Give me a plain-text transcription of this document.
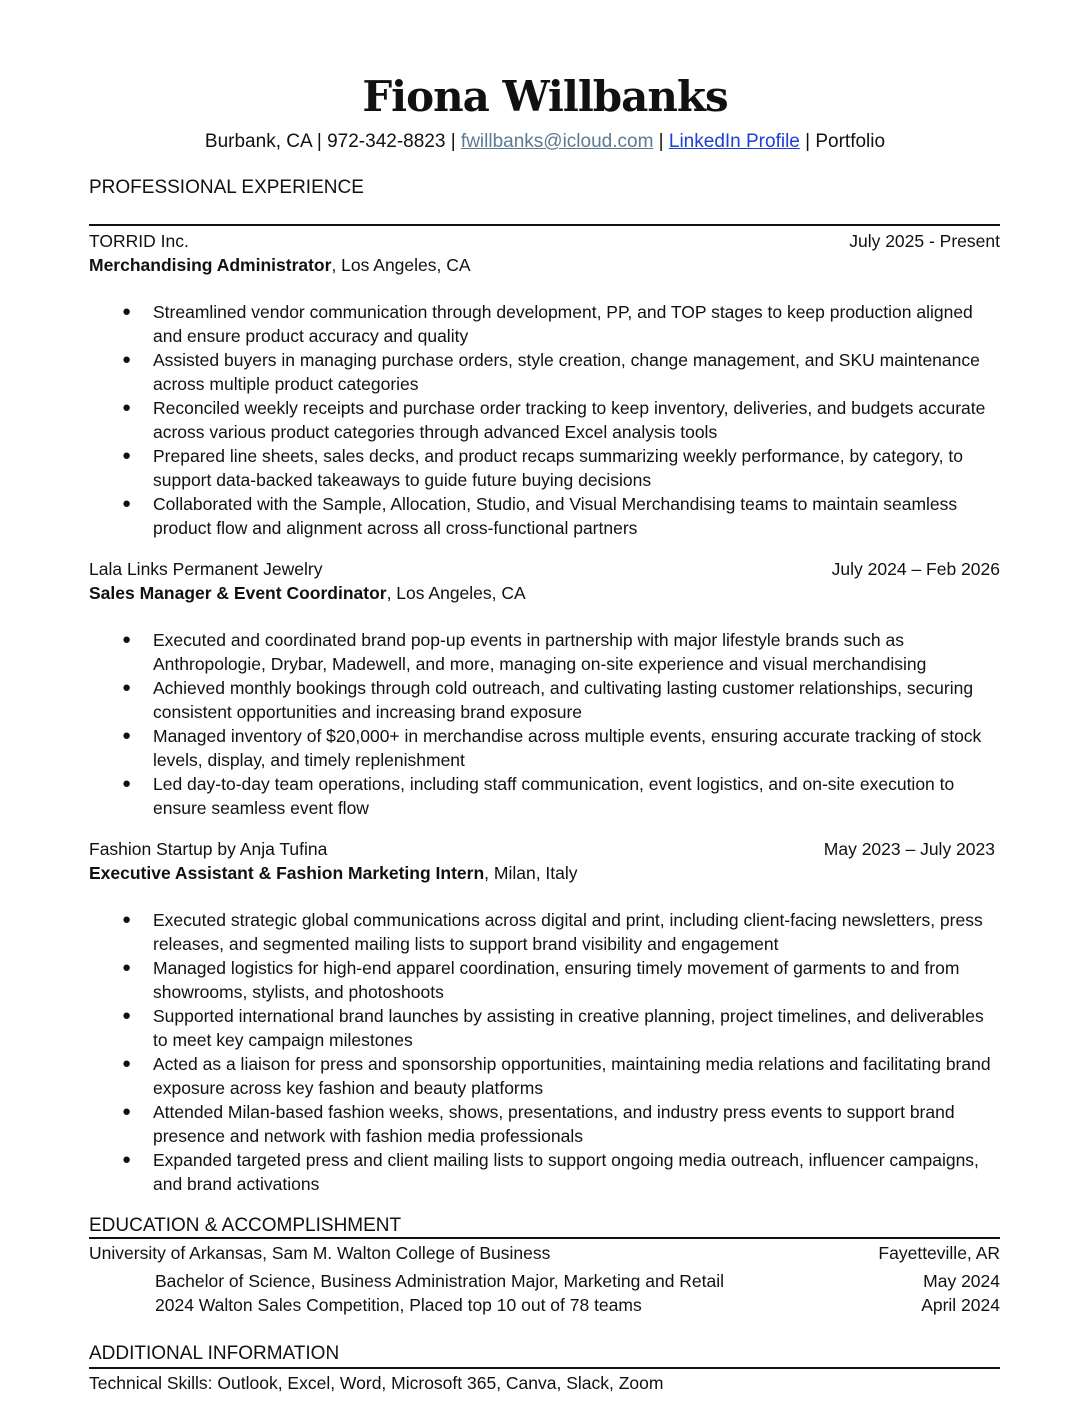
Fiona Willbanks
Burbank, CA | 972-342-8823 | fwillbanks@icloud.com | LinkedIn Profile | Portfolio
PROFESSIONAL EXPERIENCE
TORRID Inc.	July 2025 - Present
Merchandising Administrator, Los Angeles, CA
● Streamlined vendor communication through development, PP, and TOP stages to keep production aligned and ensure product accuracy and quality
● Assisted buyers in managing purchase orders, style creation, change management, and SKU maintenance across multiple product categories
● Reconciled weekly receipts and purchase order tracking to keep inventory, deliveries, and budgets accurate across various product categories through advanced Excel analysis tools
● Prepared line sheets, sales decks, and product recaps summarizing weekly performance, by category, to support data-backed takeaways to guide future buying decisions
● Collaborated with the Sample, Allocation, Studio, and Visual Merchandising teams to maintain seamless product flow and alignment across all cross-functional partners
Lala Links Permanent Jewelry	July 2024 – Feb 2026
Sales Manager & Event Coordinator, Los Angeles, CA
● Executed and coordinated brand pop-up events in partnership with major lifestyle brands such as Anthropologie, Drybar, Madewell, and more, managing on-site experience and visual merchandising
● Achieved monthly bookings through cold outreach, and cultivating lasting customer relationships, securing consistent opportunities and increasing brand exposure
● Managed inventory of $20,000+ in merchandise across multiple events, ensuring accurate tracking of stock levels, display, and timely replenishment
● Led day-to-day team operations, including staff communication, event logistics, and on-site execution to ensure seamless event flow
Fashion Startup by Anja Tufina	May 2023 – July 2023
Executive Assistant & Fashion Marketing Intern, Milan, Italy
● Executed strategic global communications across digital and print, including client-facing newsletters, press releases, and segmented mailing lists to support brand visibility and engagement
● Managed logistics for high-end apparel coordination, ensuring timely movement of garments to and from showrooms, stylists, and photoshoots
● Supported international brand launches by assisting in creative planning, project timelines, and deliverables to meet key campaign milestones
● Acted as a liaison for press and sponsorship opportunities, maintaining media relations and facilitating brand exposure across key fashion and beauty platforms
● Attended Milan-based fashion weeks, shows, presentations, and industry press events to support brand presence and network with fashion media professionals
● Expanded targeted press and client mailing lists to support ongoing media outreach, influencer campaigns, and brand activations
EDUCATION & ACCOMPLISHMENT
University of Arkansas, Sam M. Walton College of Business	Fayetteville, AR
Bachelor of Science, Business Administration Major, Marketing and Retail	May 2024
2024 Walton Sales Competition, Placed top 10 out of 78 teams	April 2024
ADDITIONAL INFORMATION
Technical Skills: Outlook, Excel, Word, Microsoft 365, Canva, Slack, Zoom
